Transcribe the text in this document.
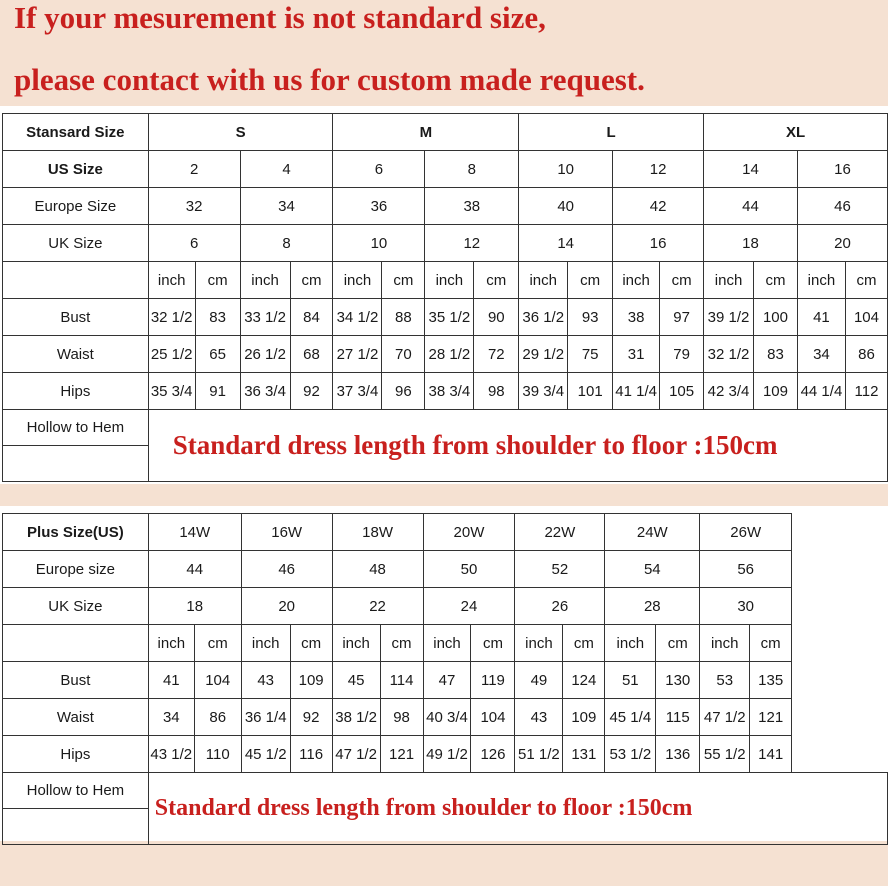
If your mesurement is not standard size,

please contact with us for custom made request.

Stansard Size	S				M				L				XL			
US Size	2		4		6		8		10		12		14		16	
Europe Size	32		34		36		38		40		42		44		46	
UK Size	6		8		10		12		14		16		18		20	
	inch	cm	inch	cm	inch	cm	inch	cm	inch	cm	inch	cm	inch	cm	inch	cm
Bust	32 1/2	83	33 1/2	84	34 1/2	88	35 1/2	90	36 1/2	93	38	97	39 1/2	100	41	104
Waist	25 1/2	65	26 1/2	68	27 1/2	70	28 1/2	72	29 1/2	75	31	79	32 1/2	83	34	86
Hips	35 3/4	91	36 3/4	92	37 3/4	96	38 3/4	98	39 3/4	101	41 1/4	105	42 3/4	109	44 1/4	112
Hollow to Hem	Standard dress length from shoulder to floor :150cm															

Plus Size(US)	14W		16W		18W		20W		22W		24W		26W		
Europe size	44		46		48		50		52		54		56		
UK Size	18		20		22		24		26		28		30		
	inch	cm	inch	cm	inch	cm	inch	cm	inch	cm	inch	cm	inch	cm	
Bust	41	104	43	109	45	114	47	119	49	124	51	130	53	135	
Waist	34	86	36 1/4	92	38 1/2	98	40 3/4	104	43	109	45 1/4	115	47 1/2	121	
Hips	43 1/2	110	45 1/2	116	47 1/2	121	49 1/2	126	51 1/2	131	53 1/2	136	55 1/2	141	
Hollow to Hem	Standard dress length from shoulder to floor :150cm														
